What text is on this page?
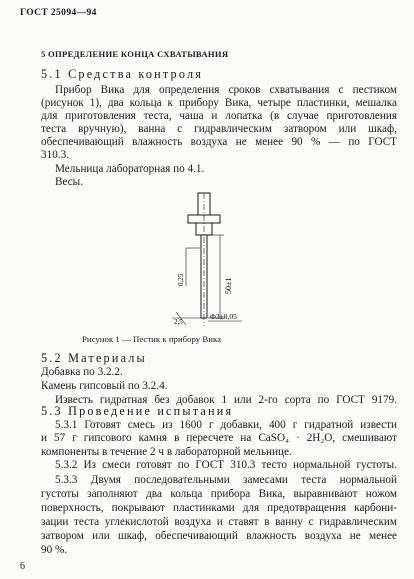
ГОСТ 25094—94
5 ОПРЕДЕЛЕНИЕ КОНЦА СХВАТЫВАНИЯ
5.1 Средства контроля
Прибор Вика для определения сроков схватывания с пестиком
(рисунок 1), два кольца к прибору Вика, четыре пластинки, мешалка
для приготовления теста, чаша и лопатка (в случае приготовления
теста вручную), ванна с гидравлическим затвором или шкаф,
обеспечивающий влажность воздуха не менее 90 % — по ГОСТ
310.3.
Мельница лабораторная по 4.1.
Весы.
0,25	50±1
2,5
Ф3±0,05
Рисунок 1 — Пестик к прибору Вика
5.2 Материалы
Добавка по 3.2.2.
Камень гипсовый по 3.2.4.
Известь гидратная без добавок 1 или 2-го сорта по ГОСТ 9179.
5.3 Проведение испытания
5.3.1 Готовят смесь из 1600 г добавки, 400 г гидратной извести
и 57 г гипсового камня в пересчете на CaSO₄ · 2H₂O, смешивают
компоненты в течение 2 ч в лабораторной мельнице.
5.3.2 Из смеси готовят по ГОСТ 310.3 тесто нормальной густоты.
5.3.3 Двумя последовательными замесами теста нормальной
густоты заполняют два кольца прибора Вика, выравнивают ножом
поверхность, покрывают пластинками для предотвращения карбони-
зации теста углекислотой воздуха и ставят в ванну с гидравлическим
затвором или шкаф, обеспечивающий влажность воздуха не менее
90 %.
6
